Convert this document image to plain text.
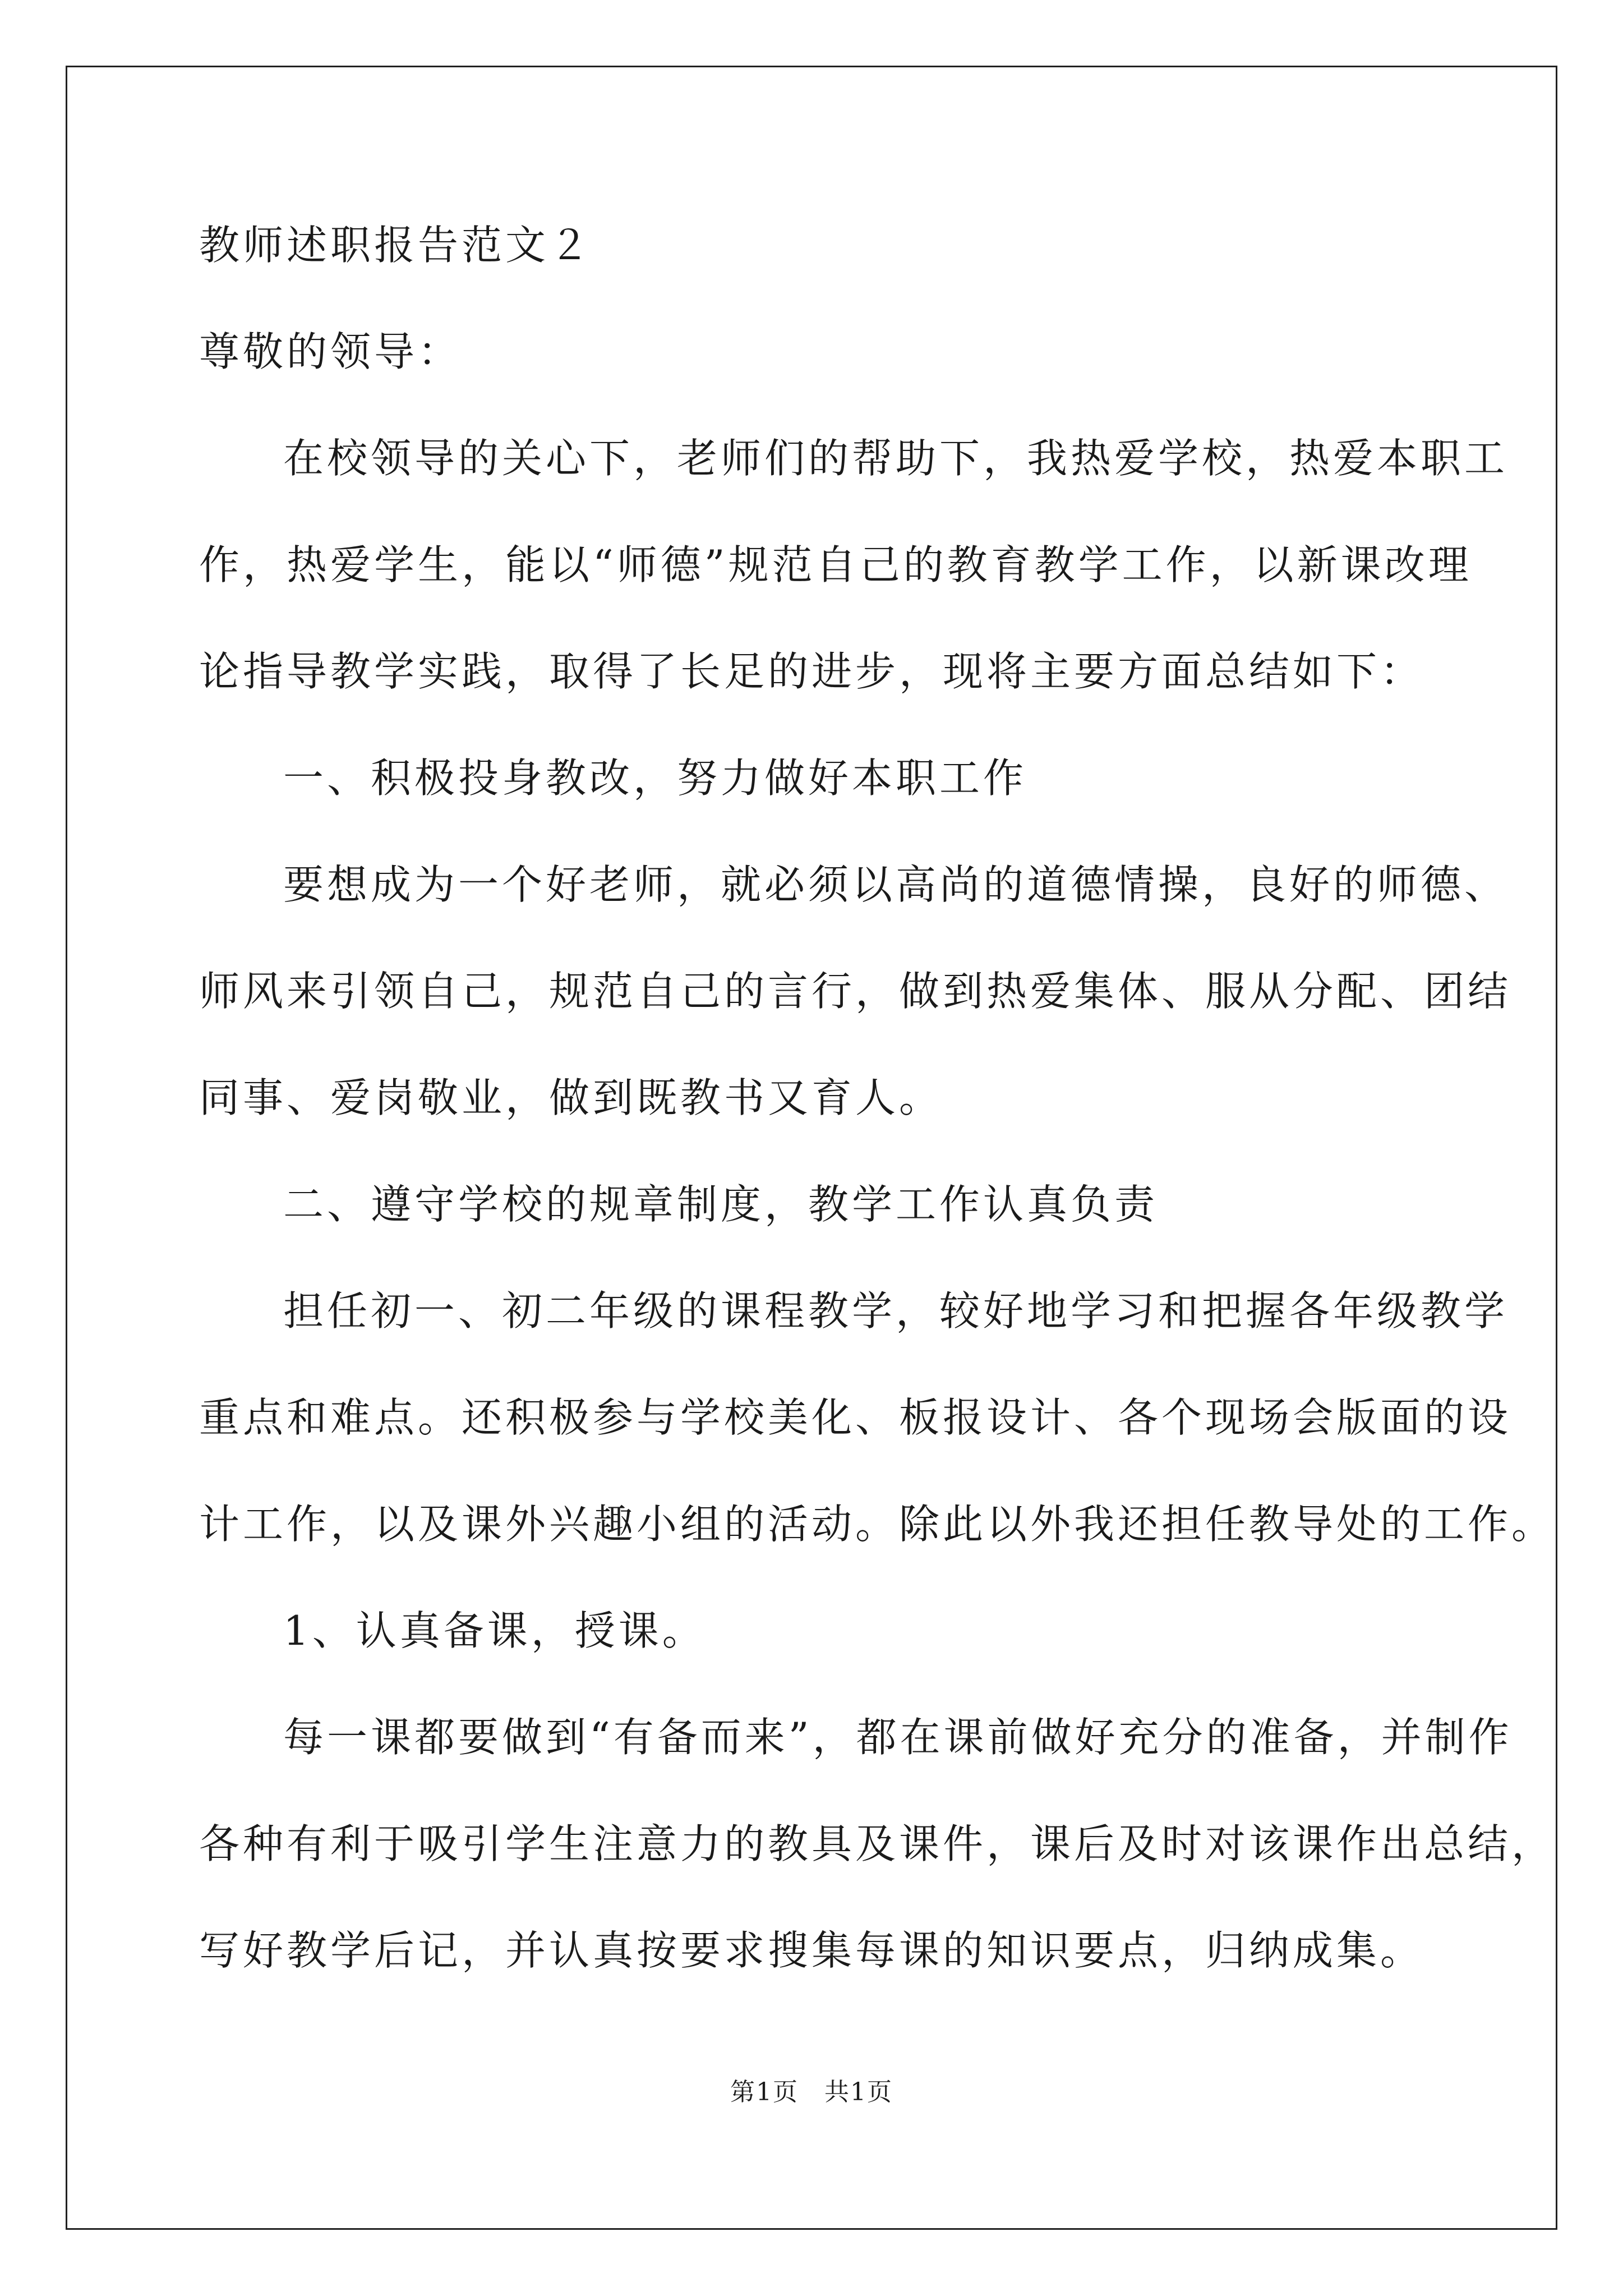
教师述职报告范文２
尊敬的领导：
在校领导的关心下，老师们的帮助下，我热爱学校，热爱本职工
作，热爱学生，能以“师德”规范自己的教育教学工作，以新课改理
论指导教学实践，取得了长足的进步，现将主要方面总结如下：
一、积极投身教改，努力做好本职工作
要想成为一个好老师，就必须以高尚的道德情操，良好的师德、
师风来引领自己，规范自己的言行，做到热爱集体、服从分配、团结
同事、爱岗敬业，做到既教书又育人。
二、遵守学校的规章制度，教学工作认真负责
担任初一、初二年级的课程教学，较好地学习和把握各年级教学
重点和难点。还积极参与学校美化、板报设计、各个现场会版面的设
计工作，以及课外兴趣小组的活动。除此以外我还担任教导处的工作。
1、认真备课，授课。
每一课都要做到“有备而来”，都在课前做好充分的准备，并制作
各种有利于吸引学生注意力的教具及课件，课后及时对该课作出总结，
写好教学后记，并认真按要求搜集每课的知识要点，归纳成集。
第1页　共1页
